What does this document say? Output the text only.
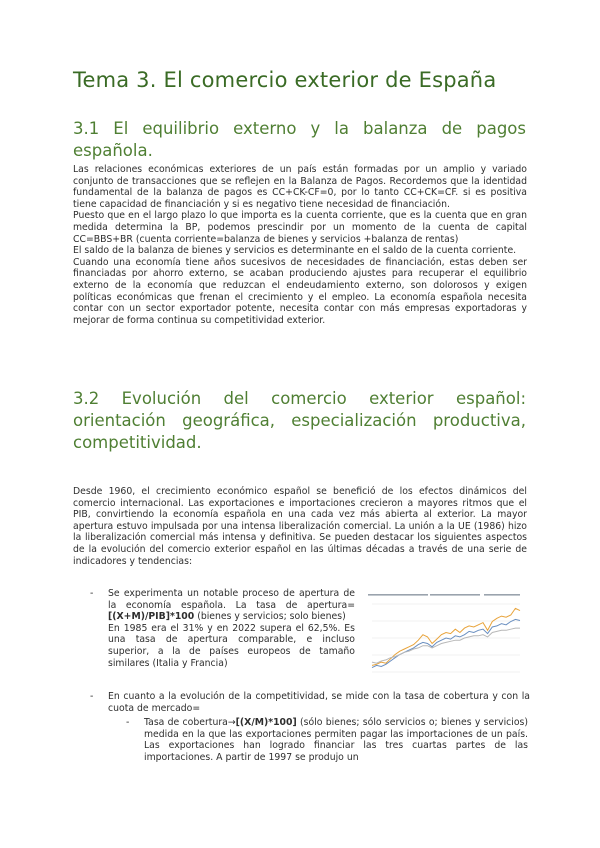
Tema 3. El comercio exterior de España
3.1 El equilibrio externo y la balanza de pagos española.

Las relaciones económicas exteriores de un país están formadas por un amplio y variado conjunto de transacciones que se reflejen en la Balanza de Pagos. Recordemos que la identidad fundamental de la balanza de pagos es CC+CK-CF=0, por lo tanto CC+CK=CF. si es positiva tiene capacidad de financiación y si es negativo tiene necesidad de financiación.

Puesto que en el largo plazo lo que importa es la cuenta corriente, que es la cuenta que en gran medida determina la BP, podemos prescindir por un momento de la cuenta de capital CC=BBS+BR (cuenta corriente=balanza de bienes y servicios +balanza de rentas)

El saldo de la balanza de bienes y servicios es determinante en el saldo de la cuenta corriente.

Cuando una economía tiene años sucesivos de necesidades de financiación, estas deben ser financiadas por ahorro externo, se acaban produciendo ajustes para recuperar el equilibrio externo de la economía que reduzcan el endeudamiento externo, son dolorosos y exigen políticas económicas que frenan el crecimiento y el empleo. La economía española necesita contar con un sector exportador potente, necesita contar con más empresas exportadoras y mejorar de forma continua su competitividad exterior.

3.2 Evolución del comercio exterior español: orientación geográfica, especialización productiva, competitividad.

Desde 1960, el crecimiento económico español se benefició de los efectos dinámicos del comercio internacional. Las exportaciones e importaciones crecieron a mayores ritmos que el PIB, convirtiendo la economía española en una cada vez más abierta al exterior. La mayor apertura estuvo impulsada por una intensa liberalización comercial. La unión a la UE (1986) hizo la liberalización comercial más intensa y definitiva. Se pueden destacar los siguientes aspectos de la evolución del comercio exterior español en las últimas décadas a través de una serie de indicadores y tendencias:

- Se experimenta un notable proceso de apertura de la economía española. La tasa de apertura= [(X+M)/PIB]*100 (bienes y servicios; solo bienes)

En 1985 era el 31% y en 2022 supera el 62,5%. Es una tasa de apertura comparable, e incluso superior, a la de países europeos de tamaño similares (Italia y Francia)

- En cuanto a la evolución de la competitividad, se mide con la tasa de cobertura y con la cuota de mercado=

- Tasa de cobertura→[(X/M)*100] (sólo bienes; sólo servicios o; bienes y servicios) medida en la que las exportaciones permiten pagar las importaciones de un país. Las exportaciones han logrado financiar las tres cuartas partes de las importaciones. A partir de 1997 se produjo un
